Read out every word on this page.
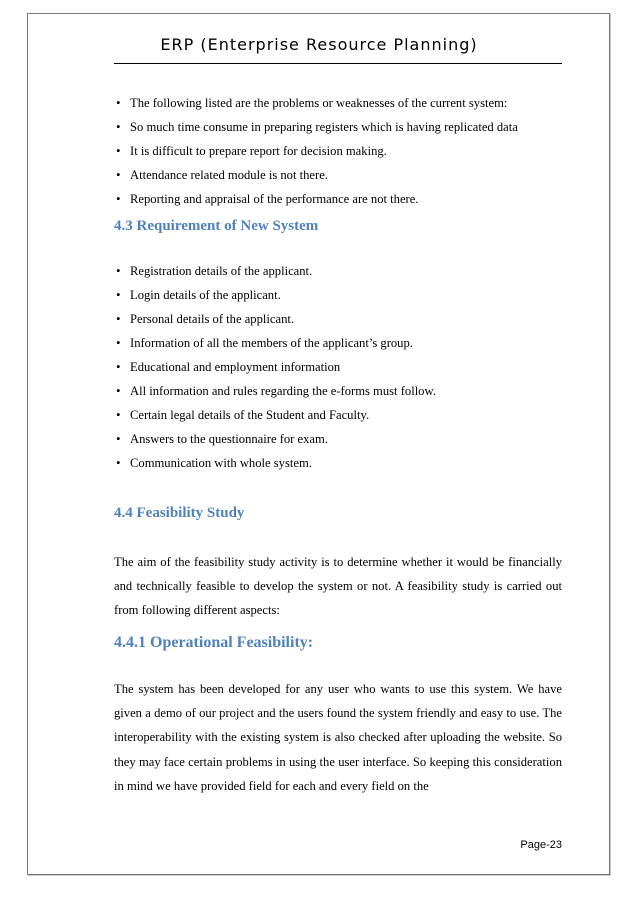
ERP (Enterprise Resource Planning)
• The following listed are the problems or weaknesses of the current system:
• So much time consume in preparing registers which is having replicated data
• It is difficult to prepare report for decision making.
• Attendance related module is not there.
• Reporting and appraisal of the performance are not there.
4.3 Requirement of New System
• Registration details of the applicant.
• Login details of the applicant.
• Personal details of the applicant.
• Information of all the members of the applicant’s group.
• Educational and employment information
• All information and rules regarding the e-forms must follow.
• Certain legal details of the Student and Faculty.
• Answers to the questionnaire for exam.
• Communication with whole system.
4.4 Feasibility Study

The aim of the feasibility study activity is to determine whether it would be financially and technically feasible to develop the system or not. A feasibility study is carried out from following different aspects:

4.4.1 Operational Feasibility:

The system has been developed for any user who wants to use this system. We have given a demo of our project and the users found the system friendly and easy to use. The interoperability with the existing system is also checked after uploading the website. So they may face certain problems in using the user interface. So keeping this consideration in mind we have provided field for each and every field on the

Page-23
